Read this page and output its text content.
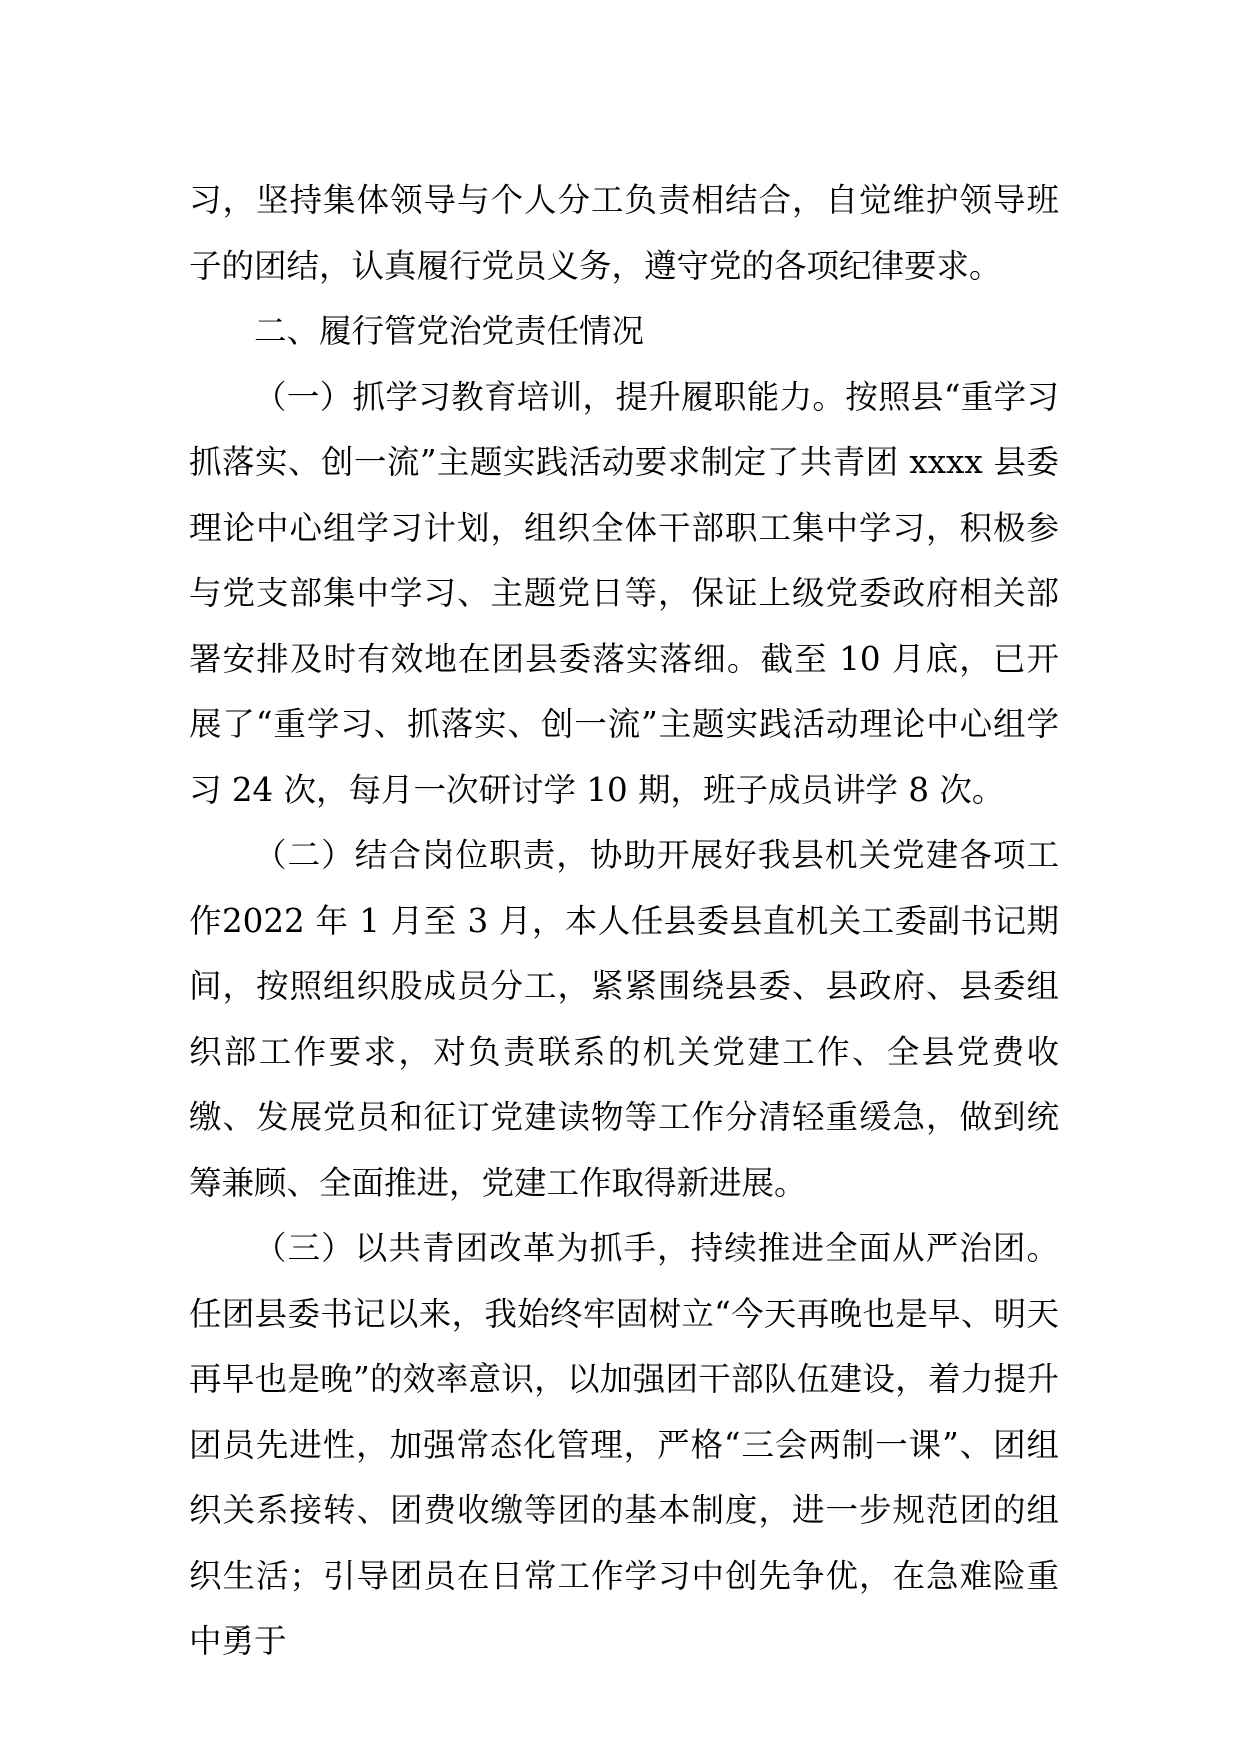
习，坚持集体领导与个人分工负责相结合，自觉维护领导班子的团结，认真履行党员义务，遵守党的各项纪律要求。

二、履行管党治党责任情况

（一）抓学习教育培训，提升履职能力。按照县“重学习抓落实、创一流”主题实践活动要求制定了共青团 xxxx 县委理论中心组学习计划，组织全体干部职工集中学习，积极参与党支部集中学习、主题党日等，保证上级党委政府相关部署安排及时有效地在团县委落实落细。截至 10 月底，已开展了“重学习、抓落实、创一流”主题实践活动理论中心组学习 24 次，每月一次研讨学 10 期，班子成员讲学 8 次。

（二）结合岗位职责，协助开展好我县机关党建各项工作2022 年 1 月至 3 月，本人任县委县直机关工委副书记期间，按照组织股成员分工，紧紧围绕县委、县政府、县委组织部工作要求，对负责联系的机关党建工作、全县党费收缴、发展党员和征订党建读物等工作分清轻重缓急，做到统筹兼顾、全面推进，党建工作取得新进展。

（三）以共青团改革为抓手，持续推进全面从严治团。任团县委书记以来，我始终牢固树立“今天再晚也是早、明天再早也是晚”的效率意识，以加强团干部队伍建设，着力提升团员先进性，加强常态化管理，严格“三会两制一课”、团组织关系接转、团费收缴等团的基本制度，进一步规范团的组织生活；引导团员在日常工作学习中创先争优，在急难险重中勇于
